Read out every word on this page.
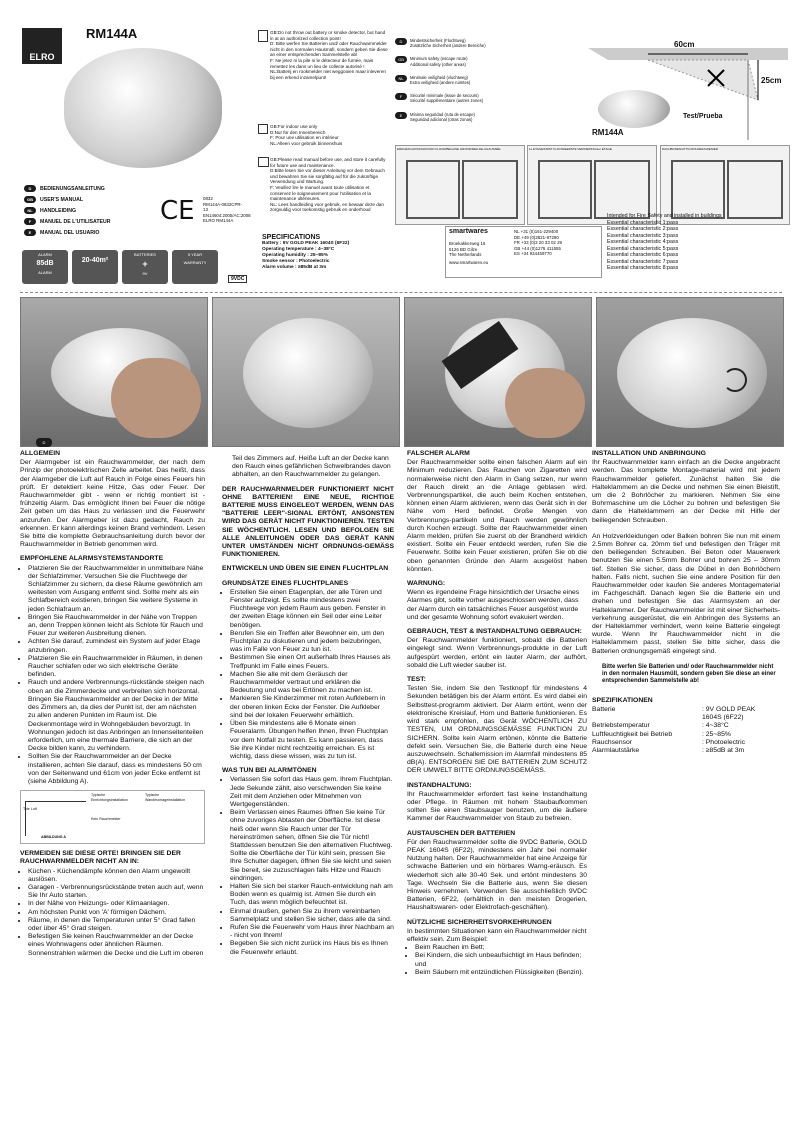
ELRO
RM144A
D	BEDIENUNGSANLEITUNG
GB	USER'S MANUAL
NL	HANDLEIDING
F	MANUEL DE L'UTILISATEUR
E	MANUAL DEL USUARIO
CE 0832
RM144A-0832CPR-
13
EN14604:2005/AC:2008
ELRO RM144A
ALARM
85dB
ALARM
20-40m²
BATTERIES
+
9V
5 YEAR
WARRANTY
9VDC
GB:Do not throw out battery or smoke detector, but hand in at an authorized collection point!
D: Bitte werfen Sie Batterien und/ oder Rauchwarnmelder nicht in den normalen Hausmüll, sondern geben Sie diese an einer entsprechenden Sammelstelle ab!
F: Ne jetez ni la pile ni le détecteur de fumée, mais remettez les dans un lieu de collecte autorisé !
NL:Batterij en rookmelder niet weggooien maar inleveren bij een erkend inzamelpunt!
GB:For indoor use only
D:Nur für den Innenbereich
F: Pour une utilisation en intérieur
NL:Alleen voor gebruik binnenshuis
GB:Please read manual before use, and store it carefully for future use and maintenance.
D:Bitte lesen Sie vor dieser Anleitung vor dem Gebrauch und bewahren Sie sie sorgfältig auf für die zukünftige Verwendung und Wartung.
F: Veuillez lire le manuel avant toute utilisation et conservez le soigneusement pour l'utilisation et la maintenance ultérieures.
NL: Lees handleiding voor gebruik, en bewaar deze dan zorgvuldig voor toekomstig gebruik en onderhoud
SPECIFICATIONS
Battery : 9V GOLD PEAK 1604S (6F22)
Operating temperature : 4~38°C
Operating humidity : 25~85%
Smoke sensor : Photoelectric
Alarm volume : ≥85dB at 3m
D	Mindestsicherheit (Fluchtweg)
Zusätzliche Sicherheit (andere Bereiche)
GB	Minimum safety (escape route)
Additional safety (other areas)
NL	Minimale veiligheid (vluchtweg)
Extra veiligheid (andere ruimtes)
F	Sécurité minimale (issue de secours)
Sécurité supplémentaire (autres zones)
E	Mínima seguridad (ruta de escape)
Seguridad adicional (otras zonas)
60cm
25cm
Test/Prueba
RM144A
ERDGESCHOSS/GROUND FLOOR/BEGANE GROND/REZ-DE-CHAUSSÉE	1e ETAGE/FIRST FLOOR/EERSTE VERDIEPING/1er ÉTAGE	DACHBODEN/ATTIC/ZOLDER/GRENIER
smartwares
Broekakkerweg 16
5126 BD Gilze
The Netherlands
www.smartwares.eu
NL +31 (0)161-229400
DE +49 (0)2821-97290
FR +33 (0)3 20 33 02 29
GB +44 (0)1276 411555
ES +34 934459770
Intended for Fire Safety and installed in buildings
Essential characteristic 1:pass
Essential characteristic 2:pass
Essential characteristic 3:pass
Essential characteristic 4:pass
Essential characteristic 5:pass
Essential characteristic 6:pass
Essential characteristic 7:pass
Essential characteristic 8:pass
D
ALLGEMEIN

Der Alarmgeber ist ein Rauchwarnmelder, der nach dem Prinzip der photoelektrischen Zelle arbeitet. Das heißt, dass der Alarmgeber die Luft auf Rauch in Folge eines Feuers hin prüft. Er detektiert keine Hitze, Gas oder Feuer. Der Rauchwarnmelder gibt - wenn er richtig montiert ist -frühzeitig Alarm. Das ermöglicht Ihnen bei Feuer die nötige Zeit geben um das Haus zu verlassen und die Feuerwehr anzurufen. Der Alarmgeber ist dazu gedacht, Rauch zu erkennen. Er kann allerdings keinen Brand verhindern. Lesen Sie bitte die komplette Gebrauchsanleitung durch bevor der Rauchwarnmelder in Betrieb genommen wird.

EMPFOHLENE ALARMSYSTEMSTANDORTE
• Platzieren Sie der Rauchwarnmelder in unmittelbare Nähe der Schlafzimmer. Versuchen Sie die Fluchtwege der Schlafzimmer zu sichern, da diese Räume gewöhnlich am weitesten vom Ausgang entfernt sind. Sollte mehr als ein Schlafbereich existieren, bringen Sie weitere Systeme in jeden Schlafraum an.
• Bringen Sie Rauchwarnmelder in der Nähe von Treppen an, denn Treppen können leicht als Schlote für Rauch und Feuer zur weiteren Ausbreitung dienen.
• Achten Sie darauf, zumindest ein System auf jeder Etage anzubringen.
• Platzieren Sie ein Rauchwarnmelder in Räumen, in denen Raucher schlafen oder wo sich elektrische Geräte befinden.
• Rauch und andere Verbrennungs-rückstände steigen nach oben an die Zimmerdecke und verbreiten sich horizontal. Bringen Sie Rauchwarnmelder an der Decke in der Mitte des Zimmers an, da dies der Punkt ist, der am nächsten zu allen anderen Punkten im Raum ist. Die Deckenmontage wird in Wohngebäuden bevorzugt. In Wohnungen jedoch ist das Anbringen an Innenseitenteilen erforderlich, um eine thermale Barriere, die sich an der Decke bilden kann, zu verhindern.
• Sollten Sie der Rauchwarnmelder an der Decke installieren, achten Sie darauf, dass es mindestens 50 cm von der Seitenwand und 61cm von jeder Ecke entfernt ist (siehe Abbildung A).
Tote Luft
Typische Einrichtungsinstallation
Typische Wandmontageinstallation
Kein Rauchmelder
ABBILDUNG A
VERMEIDEN SIE DIESE ORTE! BRINGEN SIE DER RAUCHWARNMELDER NICHT AN IN:
• Küchen - Küchendämpfe können den Alarm ungewollt auslösen.
• Garagen - Verbrennungsrückstände treten auch auf, wenn Sie Ihr Auto starten.
• In der Nähe von Heizungs- oder Klimaanlagen.
• Am höchsten Punkt von 'A' förmigen Dächern.
• Räume, in denen die Temperaturen unter 5° Grad fallen oder über 45° Grad steigen.
• Befestigen Sie keinen Rauchwarnmelder an der Decke eines Wohnwagens oder ähnlichen Räumen. Sonnenstrahlen wärmen die Decke und die Luft im oberen

Teil des Zimmers auf. Heiße Luft an der Decke kann den Rauch eines gefährlichen Schwelbrandes davon abhalten, an den Rauchwarnmelder zu gelangen.

DER RAUCHWARNMELDER FUNKTIONIERT NICHT OHNE BATTERIEN! EINE NEUE, RICHTIGE BATTERIE MUSS EINGELEGT WERDEN, WENN DAS "BATTERIE LEER"-SIGNAL ERTÖNT, ANSONSTEN WIRD DAS GERÄT NICHT FUNKTIONIEREN. TESTEN SIE WÖCHENTLICH. LESEN UND BEFOLGEN SIE ALLE ANLEITUNGEN ODER DAS GERÄT KANN UNTER UMSTÄNDEN NICHT ORDNUNGS-GEMÄSS FUNKTIONIEREN.

ENTWICKELN UND ÜBEN SIE EINEN FLUCHTPLAN
GRUNDSÄTZE EINES FLUCHTPLANES
• Erstellen Sie einen Etagenplan, der alle Türen und Fenster aufzeigt. Es sollte mindestens zwei Fluchtwege von jedem Raum aus geben. Fenster in der zweiten Etage können ein Seil oder eine Leiter benötigen.
• Berufen Sie ein Treffen aller Bewohner ein, um den Fluchtplan zu diskutieren und jedem beizubringen, was im Falle von Feuer zu tun ist.
• Bestimmen Sie einen Ort außerhalb Ihres Hauses als Treffpunkt im Falle eines Feuers.
• Machen Sie alle mit dem Geräusch der Rauchwarnmelder vertraut und erklären die Bedeutung und was bei Ertönen zu machen ist.
• Markieren Sie Kinderzimmer mit roten Aufklebern in der oberen linken Ecke der Fenster. Die Aufkleber sind bei der lokalen Feuerwehr erhältlich.
• Üben Sie mindestens alle 6 Monate einen Feueralarm. Übungen helfen Ihnen, Ihren Fluchtplan vor dem Notfall zu testen. Es kann passieren, dass Sie ihre Kinder nicht rechtzeitig erreichen. Es ist wichtig, dass diese wissen, was zu tun ist.
WAS TUN BEI ALARMTÖNEN
• Verlassen Sie sofort das Haus gem. Ihrem Fluchtplan. Jede Sekunde zählt, also verschwenden Sie keine Zeit mit dem Anziehen oder Mitnehmen von Wertgegenständen.
• Beim Verlassen eines Raumes öffnen Sie keine Tür ohne zuvoriges Abtasten der Oberfläche. Ist diese heiß oder wenn Sie Rauch unter der Tür hereinströmen sehen, öffnen Sie die Tür nicht! Stattdessen benutzen Sie den alternativen Fluchtweg. Sollte die Oberfläche der Tür kühl sein, pressen Sie Ihre Schulter dagegen, öffnen Sie sie leicht und seien Sie bereit, sie zuzuschlagen falls Hitze und Rauch eindringen.
• Halten Sie sich bei starker Rauch-entwicklung nah am Boden wenn es qualmig ist. Atmen Sie durch ein Tuch, das wenn möglich befeuchtet ist.
• Einmal draußen, gehen Sie zu ihrem vereinbarten Sammelplatz und stellen Sie sicher, dass alle da sind.
• Rufen Sie die Feuerwehr vom Haus ihrer Nachbarn an - nicht von Ihrem!
• Begeben Sie sich nicht zurück ins Haus bis es Ihnen die Feuerwehr erlaubt.
FALSCHER ALARM

Der Rauchwarnmelder sollte einen falschen Alarm auf ein Minimum reduzieren. Das Rauchen von Zigaretten wird normalerweise nicht den Alarm in Gang setzen, nur wenn der Rauch direkt an die Anlage geblasen wird. Verbrennungspartikel, die auch beim Kochen entstehen, können einen Alarm aktivieren, wenn das Gerät sich in der Nähe vom Herd befindet. Große Mengen von Verbrennungs-partikeln und Rauch werden gewöhnlich durch Kochen erzeugt. Sollte der Rauchwarnmelder einen Alarm melden, prüfen Sie zuerst ob der Brandherd wirklich existiert. Sollte ein Feuer entdeckt werden, rufen Sie die Feuerwehr. Sollte kein Feuer existieren, prüfen Sie ob die oben genannten Gründe den Alarm ausgelöst haben könnten.

WARNUNG:

Wenn es irgendeine Frage hinsichtlich der Ursache eines Alarmes gibt, sollte vorher ausgeschlossen werden, dass der Alarm durch ein tatsächliches Feuer ausgelöst wurde und der gesamte Wohnung sofort evakuiert werden.

GEBRAUCH, TEST & INSTANDHALTUNG GEBRAUCH:

Der Rauchwarnmelder funktioniert, sobald die Batterien eingelegt sind. Wenn Verbrennungs-produkte in der Luft aufgespürt werden, ertönt ein lauter Alarm, der aufhört, sobald die Luft wieder sauber ist.

TEST:

Testen Sie, indem Sie den Testknopf für mindestens 4 Sekunden betätigen bis der Alarm ertönt. Es wird dabei ein Selbsttest-programm aktiviert. Der Alarm ertönt, wenn der elektronische Kreislauf, Horn und Batterie funktionieren. Es wird stark empfohlen, das Gerät WÖCHENTLICH ZU TESTEN, UM ORDNUNGSGEMÄSSE FUNKTION ZU SICHERN. Sollte kein Alarm ertönen, könnte die Batterie defekt sein. Versuchen Sie, die Batterie durch eine Neue auszuwechseln. Schallemission im Alarmfall mindestens 85 dB(A). ENTSORGEN SIE DIE BATTERIEN ZUM SCHUTZ DER UMWELT BITTE ORDNUNGSGEMÄSS.

INSTANDHALTUNG:

Ihr Rauchwarnmelder erfordert fast keine Instandhaltung oder Pflege. In Räumen mit hohem Staubaufkommen sollten Sie einen Staubsauger benutzen, um die äußere Kammer der Rauchwarnmelder von Staub zu befreien.

AUSTAUSCHEN DER BATTERIEN

Für den Rauchwarnmelder sollte die 9VDC Batterie, GOLD PEAK 1604S (6F22), mindestens ein Jahr bei normaler Nutzung halten. Der Rauchwarnmelder hat eine Anzeige für schwache Batterien und ein hörbares Warng-eräusch. Es wiederholt sich alle 30-40 Sek. und ertönt mindestens 30 Tage. Wechseln Sie die Batterie aus, wenn Sie diesen Hinweis vernehmen. Verwenden Sie ausschließlich 9VDC Batterien, 6F22, (erhältlich in den meisten Drogerien, Haushaltswaren- oder Elektrofach-geschäften).

NÜTZLICHE SICHERHEITSVORKEHRUNGEN

In bestimmten Situationen kann ein Rauchwarnmelder nicht effektiv sein. Zum Beispiel:

• Beim Rauchen im Bett;
• Bei Kindern, die sich unbeaufsichtigt im Haus befinden; und
• Beim Säubern mit entzündlichen Flüssigkeiten (Benzin).
INSTALLATION UND ANBRINGUNG

Ihr Rauchwarnmelder kann einfach an die Decke angebracht werden. Das komplette Montage-material wird mit jedem Rauchwarnmelder geliefert. Zunächst halten Sie die Halteklammern an die Decke und nehmen Sie einen Bleistift, um die 2 Bohrlöcher zu markieren. Nehmen Sie eine Bohrmaschine um die Löcher zu bohren und befestigen Sie dann die Halteklammern an der Decke mit Hilfe der beiliegenden Schrauben.

An Holzverkleidungen oder Balken bohren Sie nun mit einem 2.5mm Bohrer ca. 20mm tief und befestigen den Träger mit den beiliegenden Schrauben. Bei Beton oder Mauerwerk benutzen Sie einen 5.5mm Bohrer und bohren 25 – 30mm tief. Stellen Sie sicher, dass die Dübel in den Bohrlöchern halten. Falls nicht, suchen Sie eine andere Position für den Rauchwarnmelder oder kaufen Sie anderes Montagematerial im Fachgeschäft. Danach legen Sie die Batterie ein und drehen und befestigen Sie das Alarmsystem an der Halteklammer. Der Rauchwarnmelder ist mit einer Sicherheits-verkehrung ausgerüstet, die ein Anbringen des Systems an der Halteklammer verhindert, wenn keine Batterie eingelegt wurde. Wenn Ihr Rauchwarnmelder nicht in die Halteklammern passt, stellen Sie bitte sicher, dass die Batterien ordnungsgemäß eingelegt sind.

Bitte werfen Sie Batterien und/ oder Rauchwarnmelder nicht in den normalen Hausmüll, sondern geben Sie diese an einer entsprechenden Sammelstelle ab!

SPEZIFIKATIONEN
Batterie	: 9V GOLD PEAK 1604S (6F22)
Betriebstemperatur	: 4~38°C
Luftfeuchtigkeit bei Betrieb	: 25~85%
Rauchsensor	: Photoelectric
Alarmlautstärke	: ≥85dB at 3m
